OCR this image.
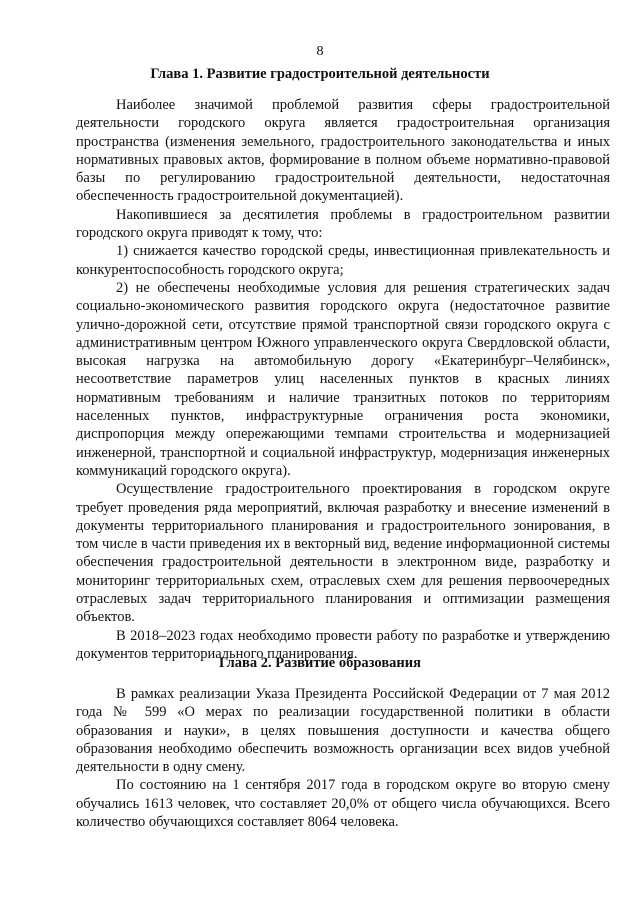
8
Глава 1. Развитие градостроительной деятельности

Наиболее значимой проблемой развития сферы градостроительной деятельности городского округа является градостроительная организация пространства (изменения земельного, градостроительного законодательства и иных нормативных правовых актов, формирование в полном объеме нормативно-правовой базы по регулированию градостроительной деятельности, недостаточная обеспеченность градостроительной документацией).

Накопившиеся за десятилетия проблемы в градостроительном развитии городского округа приводят к тому, что:

1) снижается качество городской среды, инвестиционная привлекательность и конкурентоспособность городского округа;

2) не обеспечены необходимые условия для решения стратегических задач социально-экономического развития городского округа (недостаточное развитие улично-дорожной сети, отсутствие прямой транспортной связи городского округа с административным центром Южного управленческого округа Свердловской области, высокая нагрузка на автомобильную дорогу «Екатеринбург–Челябинск», несоответствие параметров улиц населенных пунктов в красных линиях нормативным требованиям и наличие транзитных потоков по территориям населенных пунктов, инфраструктурные ограничения роста экономики, диспропорция между опережающими темпами строительства и модернизацией инженерной, транспортной и социальной инфраструктур, модернизация инженерных коммуникаций городского округа).

Осуществление градостроительного проектирования в городском округе требует проведения ряда мероприятий, включая разработку и внесение изменений в документы территориального планирования и градостроительного зонирования, в том числе в части приведения их в векторный вид, ведение информационной системы обеспечения градостроительной деятельности в электронном виде, разработку и мониторинг территориальных схем, отраслевых схем для решения первоочередных отраслевых задач территориального планирования и оптимизации размещения объектов.

В 2018–2023 годах необходимо провести работу по разработке и утверждению документов территориального планирования.

Глава 2. Развитие образования

В рамках реализации Указа Президента Российской Федерации от 7 мая 2012 года № 599 «О мерах по реализации государственной политики в области образования и науки», в целях повышения доступности и качества общего образования необходимо обеспечить возможность организации всех видов учебной деятельности в одну смену.

По состоянию на 1 сентября 2017 года в городском округе во вторую смену обучались 1613 человек, что составляет 20,0% от общего числа обучающихся. Всего количество обучающихся составляет 8064 человека.
